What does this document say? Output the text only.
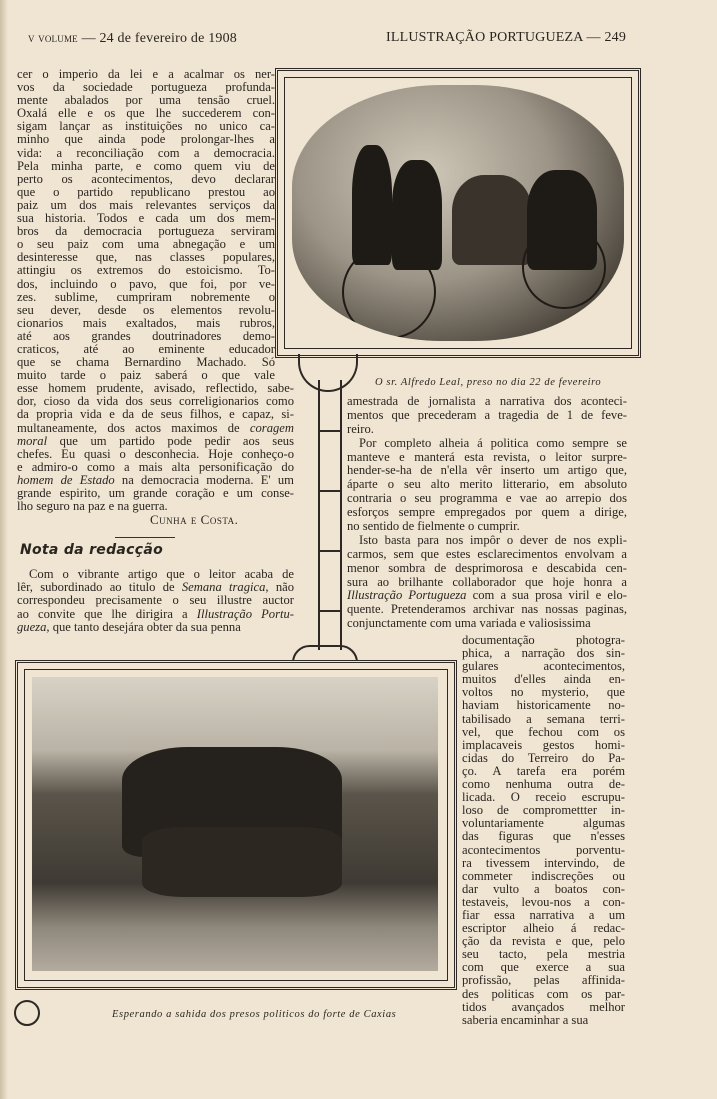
v volume — 24 de fevereiro de 1908	ILLUSTRAÇÃO PORTUGUEZA — 249
cer o imperio da lei e a acalmar os ner-
vos da sociedade portugueza profunda-
mente abalados por uma tensão cruel.
Oxalá elle e os que lhe succederem con-
sigam lançar as instituições no unico ca-
minho que ainda pode prolongar-lhes a
vida: a reconciliação com a democracia.
Pela minha parte, e como quem viu de
perto os acontecimentos, devo declarar
que o partido republicano prestou ao
paiz um dos mais relevantes serviços da
sua historia. Todos e cada um dos mem-
bros da democracia portugueza serviram
o seu paiz com uma abnegação e um
desinteresse que, nas classes populares,
attingiu os extremos do estoicismo. To-
dos, incluindo o pavo, que foi, por ve-
zes. sublime, cumpriram nobremente o
seu dever, desde os elementos revolu-
cionarios mais exaltados, mais rubros,
até aos grandes doutrinadores demo-
craticos, até ao eminente educador
que se chama Bernardino Machado. Só
muito tarde o paiz saberá o que vale
esse homem prudente, avisado, reflectido, sabe-
dor, cioso da vida dos seus correligionarios como
da propria vida e da de seus filhos, e capaz, si-
multaneamente, dos actos maximos de coragem
moral que um partido pode pedir aos seus
chefes. Eu quasi o desconhecia. Hoje conheço-o
e admiro-o como a mais alta personificação do
homem de Estado na democracia moderna. E' um
grande espirito, um grande coração e um conse-
lho seguro na paz e na guerra.
Cunha e Costa.
Nota da redacção
Com o vibrante artigo que o leitor acaba de
lêr, subordinado ao titulo de Semana tragica, não
correspondeu precisamente o seu illustre auctor
ao convite que lhe dirigira a Illustração Portu-
gueza, que tanto desejára obter da sua penna
amestrada de jornalista a narrativa dos aconteci-
mentos que precederam a tragedia de 1 de feve-
reiro.
Por completo alheia á politica como sempre se
manteve e manterá esta revista, o leitor surpre-
hender-se-ha de n'ella vêr inserto um artigo que,
áparte o seu alto merito litterario, em absoluto
contraria o seu programma e vae ao arrepio dos
esforços sempre empregados por quem a dirige,
no sentido de fielmente o cumprir.
Isto basta para nos impôr o dever de nos expli-
carmos, sem que estes esclarecimentos envolvam a
menor sombra de desprimorosa e descabida cen-
sura ao brilhante collaborador que hoje honra a
Illustração Portugueza com a sua prosa viril e elo-
quente. Pretenderamos archivar nas nossas paginas,
conjunctamente com uma variada e valiosissima
documentação photogra-
phica, a narração dos sin-
gulares acontecimentos,
muitos d'elles ainda en-
voltos no mysterio, que
haviam historicamente no-
tabilisado a semana terri-
vel, que fechou com os
implacaveis gestos homi-
cidas do Terreiro do Pa-
ço. A tarefa era porém
como nenhuma outra de-
licada. O receio escrupu-
loso de compromettter in-
voluntariamente algumas
das figuras que n'esses
acontecimentos porventu-
ra tivessem intervindo, de
commeter indiscreções ou
dar vulto a boatos con-
testaveis, levou-nos a con-
fiar essa narrativa a um
escriptor alheio á redac-
ção da revista e que, pelo
seu tacto, pela mestria
com que exerce a sua
profissão, pelas affinida-
des politicas com os par-
tidos avançados melhor
saberia encaminhar a sua
O sr. Alfredo Leal, preso no dia 22 de fevereiro
Esperando a sahida dos presos politicos do forte de Caxias
